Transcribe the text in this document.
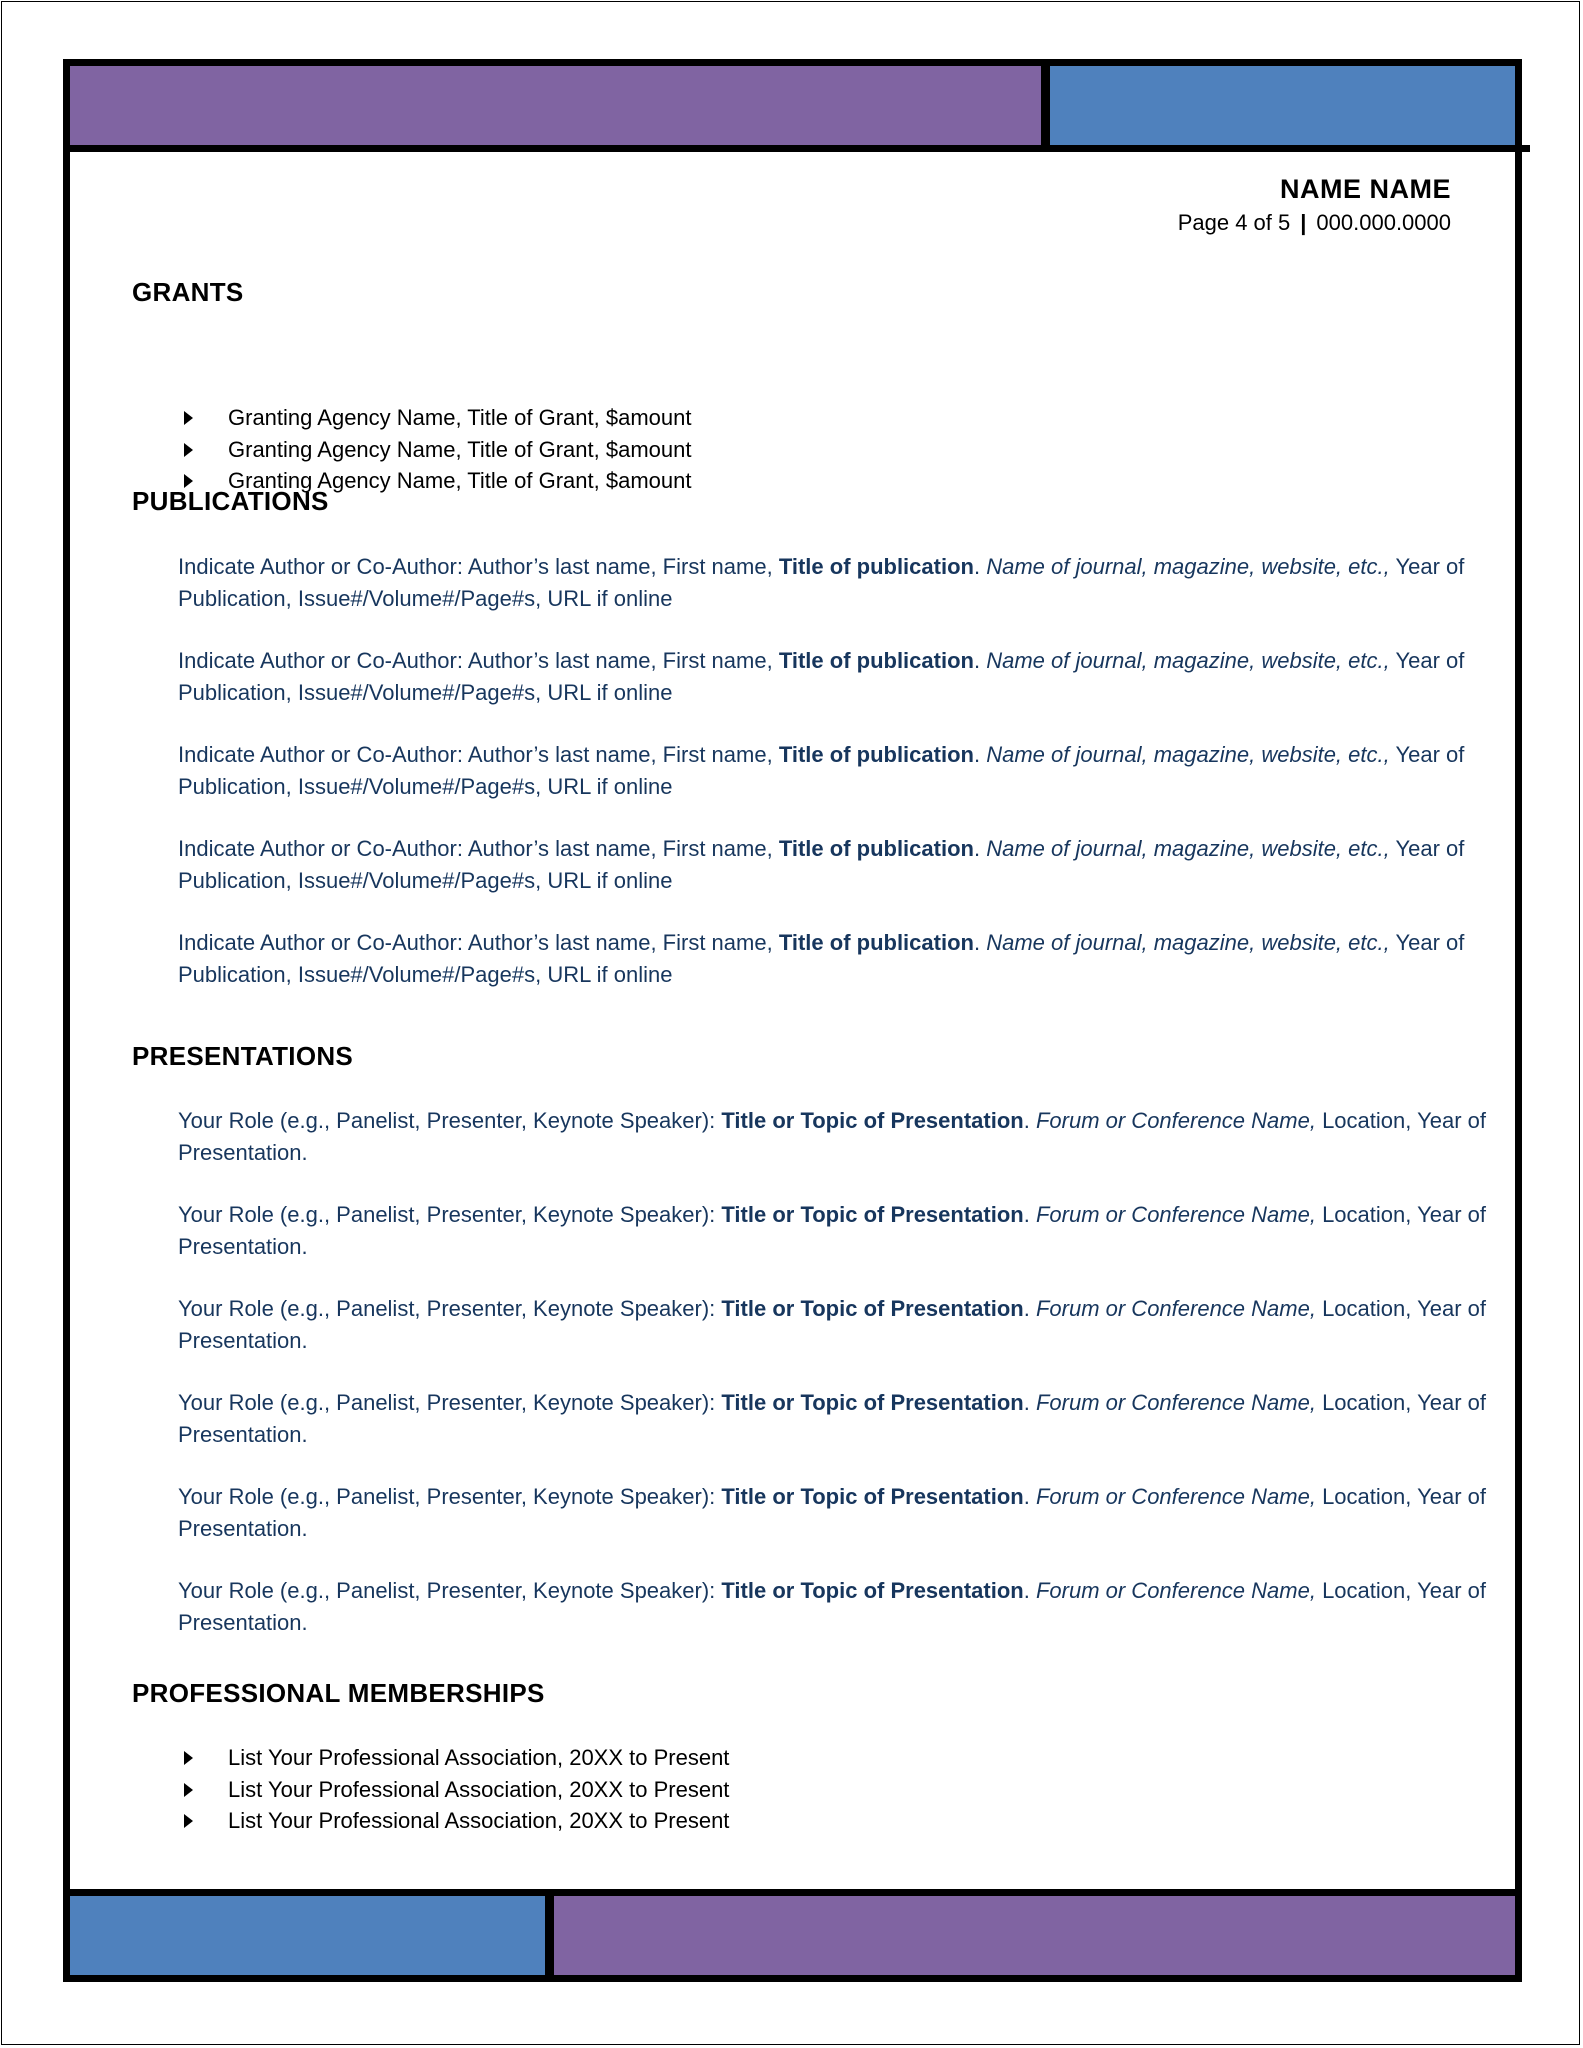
NAME NAME
Page 4 of 5 | 000.000.0000
GRANTS
Granting Agency Name, Title of Grant, $amount
Granting Agency Name, Title of Grant, $amount
Granting Agency Name, Title of Grant, $amount
PUBLICATIONS

Indicate Author or Co-Author: Author’s last name, First name, Title of publication. Name of journal, magazine, website, etc., Year of Publication, Issue#/Volume#/Page#s, URL if online

Indicate Author or Co-Author: Author’s last name, First name, Title of publication. Name of journal, magazine, website, etc., Year of Publication, Issue#/Volume#/Page#s, URL if online

Indicate Author or Co-Author: Author’s last name, First name, Title of publication. Name of journal, magazine, website, etc., Year of Publication, Issue#/Volume#/Page#s, URL if online

Indicate Author or Co-Author: Author’s last name, First name, Title of publication. Name of journal, magazine, website, etc., Year of Publication, Issue#/Volume#/Page#s, URL if online

Indicate Author or Co-Author: Author’s last name, First name, Title of publication. Name of journal, magazine, website, etc., Year of Publication, Issue#/Volume#/Page#s, URL if online

PRESENTATIONS

Your Role (e.g., Panelist, Presenter, Keynote Speaker): Title or Topic of Presentation. Forum or Conference Name, Location, Year of Presentation.

Your Role (e.g., Panelist, Presenter, Keynote Speaker): Title or Topic of Presentation. Forum or Conference Name, Location, Year of Presentation.

Your Role (e.g., Panelist, Presenter, Keynote Speaker): Title or Topic of Presentation. Forum or Conference Name, Location, Year of Presentation.

Your Role (e.g., Panelist, Presenter, Keynote Speaker): Title or Topic of Presentation. Forum or Conference Name, Location, Year of Presentation.

Your Role (e.g., Panelist, Presenter, Keynote Speaker): Title or Topic of Presentation. Forum or Conference Name, Location, Year of Presentation.

Your Role (e.g., Panelist, Presenter, Keynote Speaker): Title or Topic of Presentation. Forum or Conference Name, Location, Year of Presentation.

PROFESSIONAL MEMBERSHIPS
List Your Professional Association, 20XX to Present
List Your Professional Association, 20XX to Present
List Your Professional Association, 20XX to Present
